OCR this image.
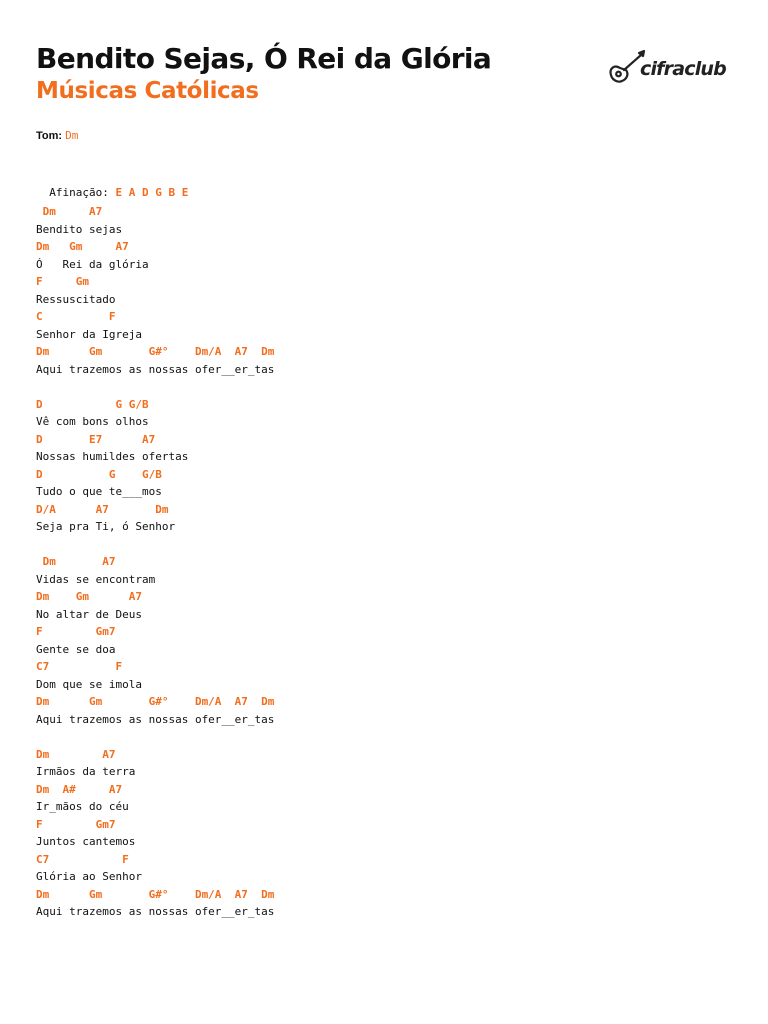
Bendito Sejas, Ó Rei da Glória
Músicas Católicas
cifraclub
Tom: Dm

Afinação: E A D G B E

Dm     A7
Bendito sejas
Dm   Gm     A7
Ó   Rei da glória
F     Gm
Ressuscitado
C          F
Senhor da Igreja
Dm      Gm       G#°    Dm/A  A7  Dm
Aqui trazemos as nossas ofer__er_tas
D           G G/B
Vê com bons olhos
D       E7      A7
Nossas humildes ofertas
D          G    G/B
Tudo o que te___mos
D/A      A7       Dm
Seja pra Ti, ó Senhor
Dm       A7
Vidas se encontram
Dm    Gm      A7
No altar de Deus
F        Gm7
Gente se doa
C7          F
Dom que se imola
Dm      Gm       G#°    Dm/A  A7  Dm
Aqui trazemos as nossas ofer__er_tas
Dm        A7
Irmãos da terra
Dm  A#     A7
Ir_mãos do céu
F        Gm7
Juntos cantemos
C7           F
Glória ao Senhor
Dm      Gm       G#°    Dm/A  A7  Dm
Aqui trazemos as nossas ofer__er_tas
